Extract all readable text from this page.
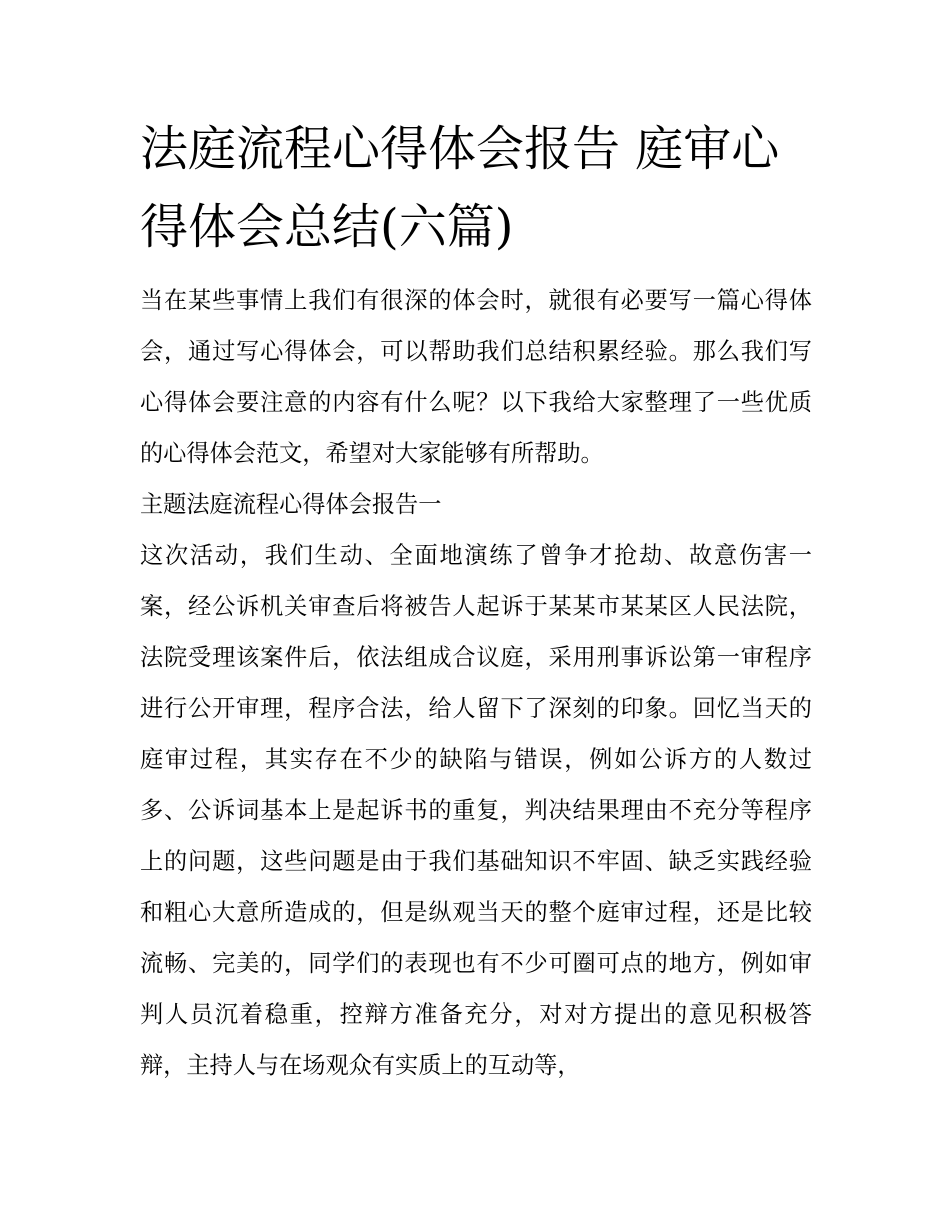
法庭流程心得体会报告 庭审心得体会总结(六篇)

当在某些事情上我们有很深的体会时，就很有必要写一篇心得体会，通过写心得体会，可以帮助我们总结积累经验。那么我们写心得体会要注意的内容有什么呢？以下我给大家整理了一些优质的心得体会范文，希望对大家能够有所帮助。

主题法庭流程心得体会报告一

这次活动，我们生动、全面地演练了曾争才抢劫、故意伤害一案，经公诉机关审查后将被告人起诉于某某市某某区人民法院，法院受理该案件后，依法组成合议庭，采用刑事诉讼第一审程序进行公开审理，程序合法，给人留下了深刻的印象。回忆当天的庭审过程，其实存在不少的缺陷与错误，例如公诉方的人数过多、公诉词基本上是起诉书的重复，判决结果理由不充分等程序上的问题，这些问题是由于我们基础知识不牢固、缺乏实践经验和粗心大意所造成的，但是纵观当天的整个庭审过程，还是比较流畅、完美的，同学们的表现也有不少可圈可点的地方，例如审判人员沉着稳重，控辩方准备充分，对对方提出的意见积极答辩，主持人与在场观众有实质上的互动等，
